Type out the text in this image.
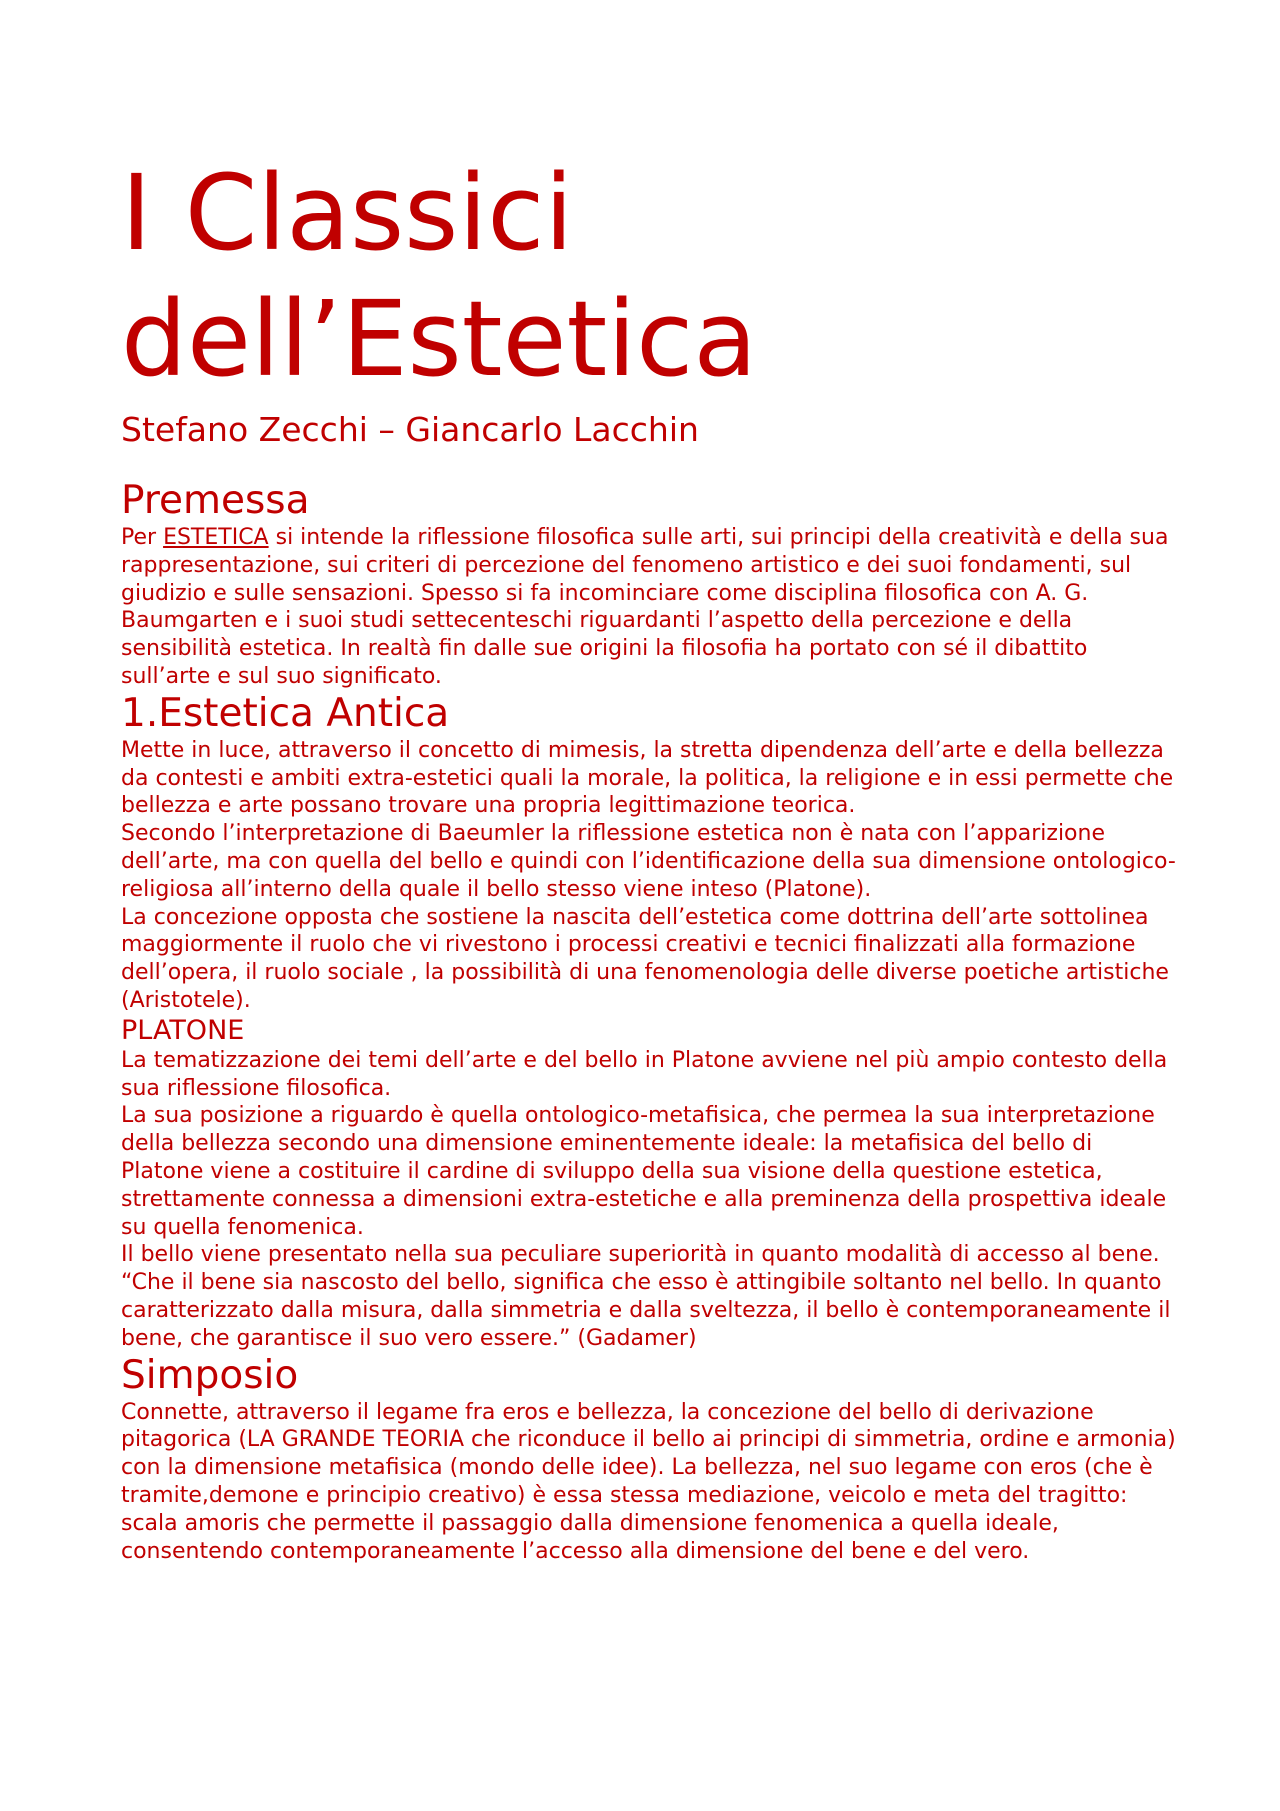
I Classici
dell’Estetica
Stefano Zecchi – Giancarlo Lacchin
Premessa

Per ESTETICA si intende la riflessione filosofica sulle arti, sui principi della creatività e della sua rappresentazione, sui criteri di percezione del fenomeno artistico e dei suoi fondamenti, sul giudizio e sulle sensazioni. Spesso si fa incominciare come disciplina filosofica con A. G. Baumgarten e i suoi studi settecenteschi riguardanti l’aspetto della percezione e della sensibilità estetica. In realtà fin dalle sue origini la filosofia ha portato con sé il dibattito sull’arte e sul suo significato.

1.Estetica Antica

Mette in luce, attraverso il concetto di mimesis, la stretta dipendenza dell’arte e della bellezza da contesti e ambiti extra-estetici quali la morale, la politica, la religione e in essi permette che bellezza e arte possano trovare una propria legittimazione teorica.

Secondo l’interpretazione di Baeumler la riflessione estetica non è nata con l’apparizione dell’arte, ma con quella del bello e quindi con l’identificazione della sua dimensione ontologico-religiosa all’interno della quale il bello stesso viene inteso (Platone).

La concezione opposta che sostiene la nascita dell’estetica come dottrina dell’arte sottolinea maggiormente il ruolo che vi rivestono i processi creativi e tecnici finalizzati alla formazione dell’opera, il ruolo sociale , la possibilità di una fenomenologia delle diverse poetiche artistiche (Aristotele).

PLATONE

La tematizzazione dei temi dell’arte e del bello in Platone avviene nel più ampio contesto della sua riflessione filosofica.

La sua posizione a riguardo è quella ontologico-metafisica, che permea la sua interpretazione della bellezza secondo una dimensione eminentemente ideale: la metafisica del bello di Platone viene a costituire il cardine di sviluppo della sua visione della questione estetica, strettamente connessa a dimensioni extra-estetiche e alla preminenza della prospettiva ideale su quella fenomenica.

Il bello viene presentato nella sua peculiare superiorità in quanto modalità di accesso al bene.

“Che il bene sia nascosto del bello, significa che esso è attingibile soltanto nel bello. In quanto caratterizzato dalla misura, dalla simmetria e dalla sveltezza, il bello è contemporaneamente il bene, che garantisce il suo vero essere.” (Gadamer)

Simposio

Connette, attraverso il legame fra eros e bellezza, la concezione del bello di derivazione pitagorica (LA GRANDE TEORIA che riconduce il bello ai principi di simmetria, ordine e armonia) con la dimensione metafisica (mondo delle idee). La bellezza, nel suo legame con eros (che è tramite,demone e principio creativo) è essa stessa mediazione, veicolo e meta del tragitto: scala amoris che permette il passaggio dalla dimensione fenomenica a quella ideale, consentendo contemporaneamente l’accesso alla dimensione del bene e del vero.
